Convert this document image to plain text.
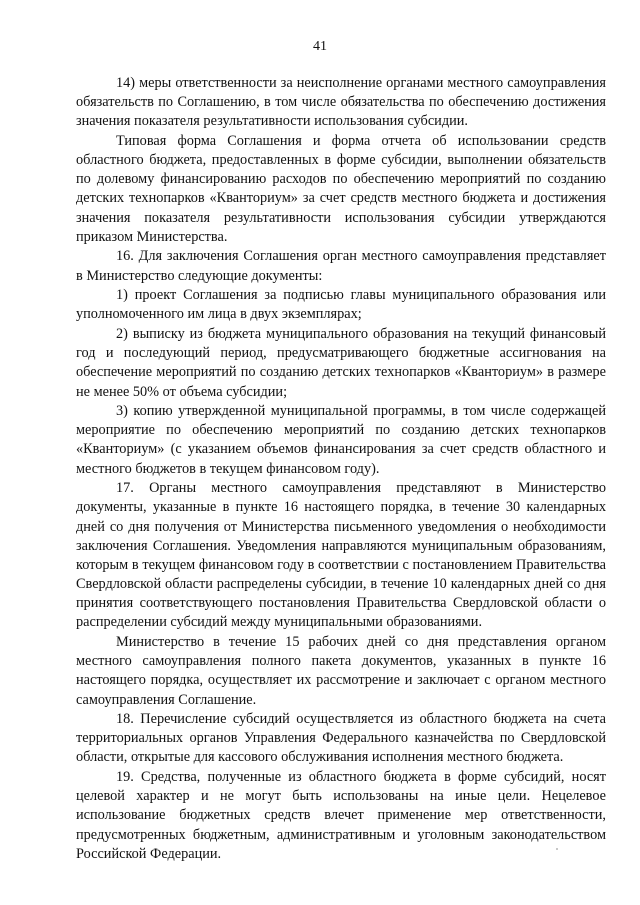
41

14) меры ответственности за неисполнение органами местного самоуправления обязательств по Соглашению, в том числе обязательства по обеспечению достижения значения показателя результативности использования субсидии.

Типовая форма Соглашения и форма отчета об использовании средств областного бюджета, предоставленных в форме субсидии, выполнении обязательств по долевому финансированию расходов по обеспечению мероприятий по созданию детских технопарков «Кванториум» за счет средств местного бюджета и достижения значения показателя результативности использования субсидии утверждаются приказом Министерства.

16. Для заключения Соглашения орган местного самоуправления представляет в Министерство следующие документы:

1) проект Соглашения за подписью главы муниципального образования или уполномоченного им лица в двух экземплярах;

2) выписку из бюджета муниципального образования на текущий финансовый год и последующий период, предусматривающего бюджетные ассигнования на обеспечение мероприятий по созданию детских технопарков «Кванториум» в размере не менее 50% от объема субсидии;

3) копию утвержденной муниципальной программы, в том числе содержащей мероприятие по обеспечению мероприятий по созданию детских технопарков «Кванториум» (с указанием объемов финансирования за счет средств областного и местного бюджетов в текущем финансовом году).

17. Органы местного самоуправления представляют в Министерство документы, указанные в пункте 16 настоящего порядка, в течение 30 календарных дней со дня получения от Министерства письменного уведомления о необходимости заключения Соглашения. Уведомления направляются муниципальным образованиям, которым в текущем финансовом году в соответствии с постановлением Правительства Свердловской области распределены субсидии, в течение 10 календарных дней со дня принятия соответствующего постановления Правительства Свердловской области о распределении субсидий между муниципальными образованиями.

Министерство в течение 15 рабочих дней со дня представления органом местного самоуправления полного пакета документов, указанных в пункте 16 настоящего порядка, осуществляет их рассмотрение и заключает с органом местного самоуправления Соглашение.

18. Перечисление субсидий осуществляется из областного бюджета на счета территориальных органов Управления Федерального казначейства по Свердловской области, открытые для кассового обслуживания исполнения местного бюджета.

19. Средства, полученные из областного бюджета в форме субсидий, носят целевой характер и не могут быть использованы на иные цели. Нецелевое использование бюджетных средств влечет применение мер ответственности, предусмотренных бюджетным, административным и уголовным законодательством Российской Федерации.
